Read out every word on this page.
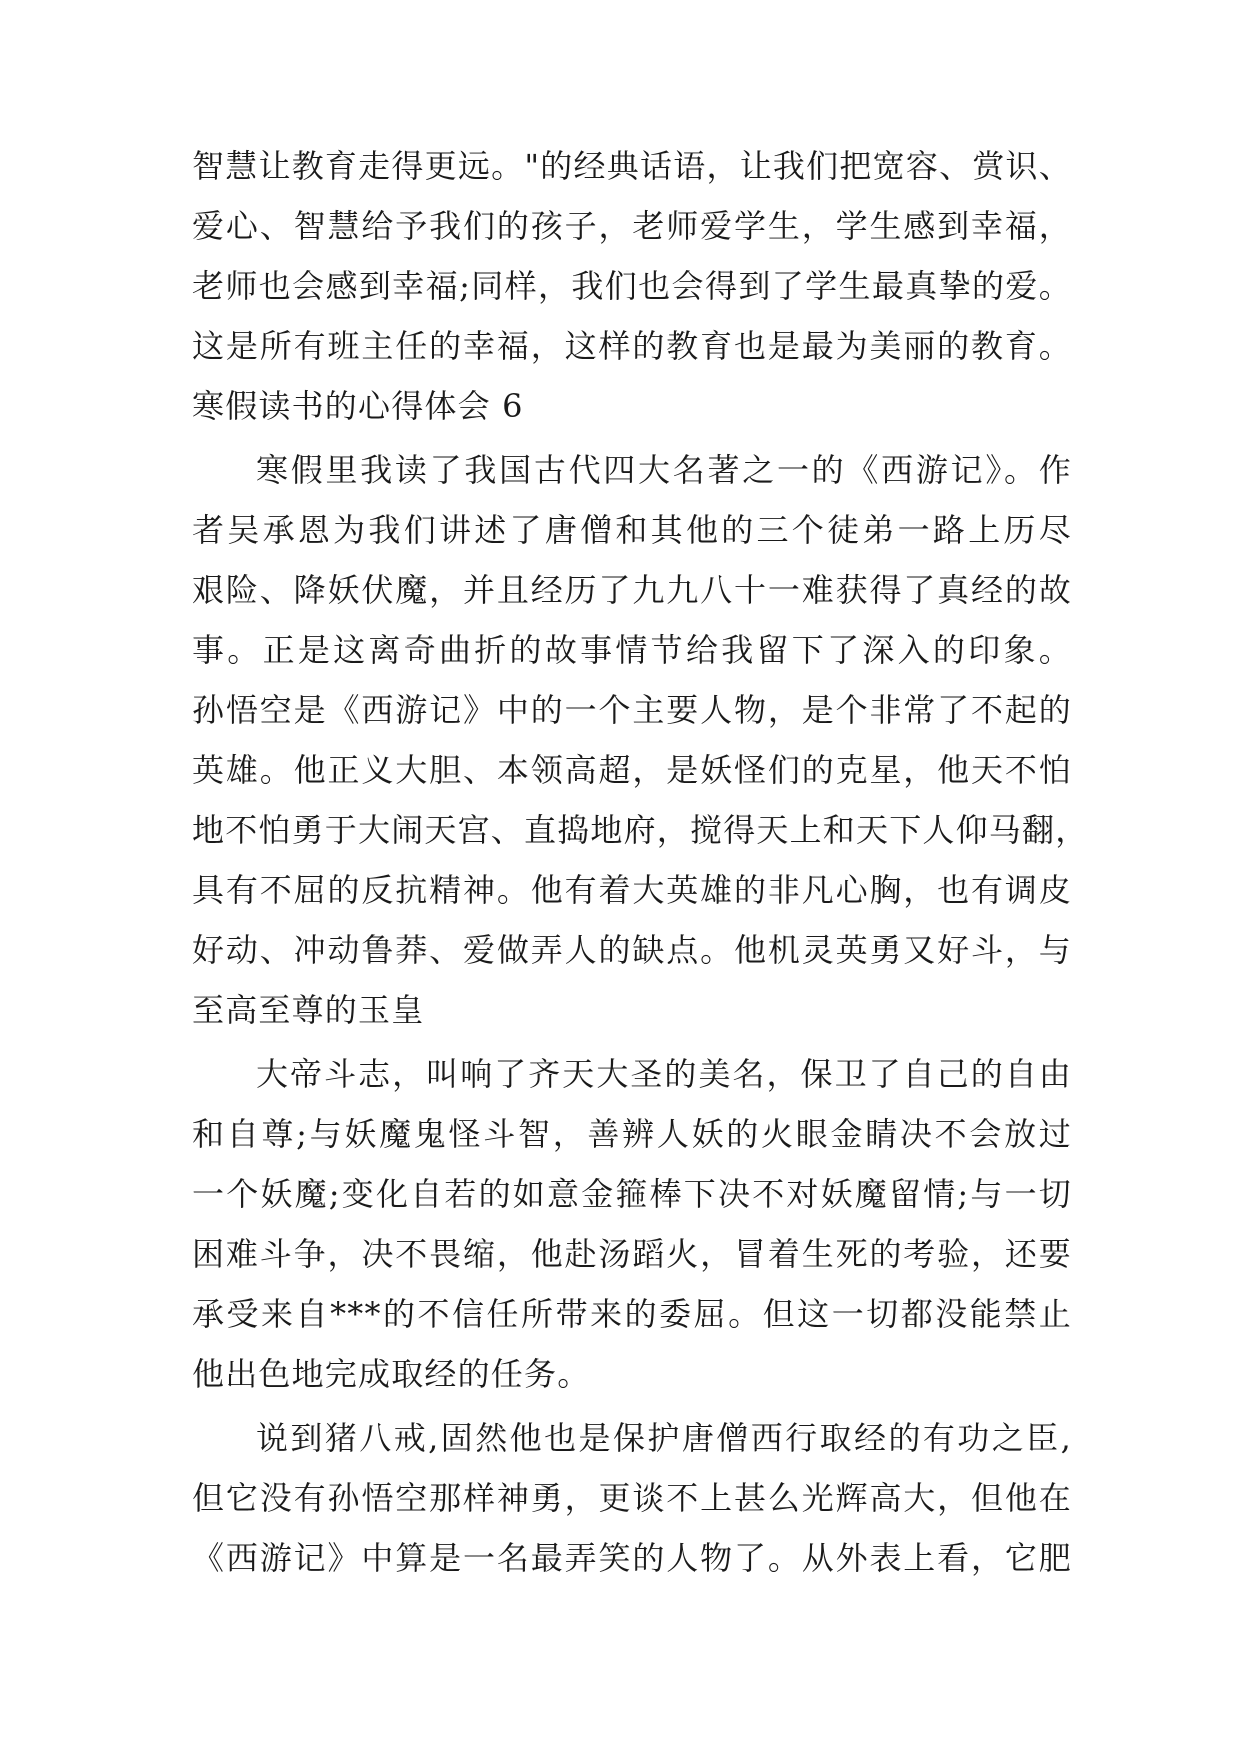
智慧让教育走得更远。"的经典话语，让我们把宽容、赏识、
爱心、智慧给予我们的孩子，老师爱学生，学生感到幸福，
老师也会感到幸福;同样，我们也会得到了学生最真挚的爱。
这是所有班主任的幸福，这样的教育也是最为美丽的教育。
寒假读书的心得体会 6
寒假里我读了我国古代四大名著之一的《西游记》。作
者吴承恩为我们讲述了唐僧和其他的三个徒弟一路上历尽
艰险、降妖伏魔，并且经历了九九八十一难获得了真经的故
事。正是这离奇曲折的故事情节给我留下了深入的印象。
孙悟空是《西游记》中的一个主要人物，是个非常了不起的
英雄。他正义大胆、本领高超，是妖怪们的克星，他天不怕
地不怕勇于大闹天宫、直捣地府，搅得天上和天下人仰马翻，
具有不屈的反抗精神。他有着大英雄的非凡心胸，也有调皮
好动、冲动鲁莽、爱做弄人的缺点。他机灵英勇又好斗，与
至高至尊的玉皇
大帝斗志，叫响了齐天大圣的美名，保卫了自己的自由
和自尊;与妖魔鬼怪斗智，善辨人妖的火眼金睛决不会放过
一个妖魔;变化自若的如意金箍棒下决不对妖魔留情;与一切
困难斗争，决不畏缩，他赴汤蹈火，冒着生死的考验，还要
承受来自***的不信任所带来的委屈。但这一切都没能禁止
他出色地完成取经的任务。
说到猪八戒,固然他也是保护唐僧西行取经的有功之臣,
但它没有孙悟空那样神勇，更谈不上甚么光辉高大，但他在
《西游记》中算是一名最弄笑的人物了。从外表上看，它肥
